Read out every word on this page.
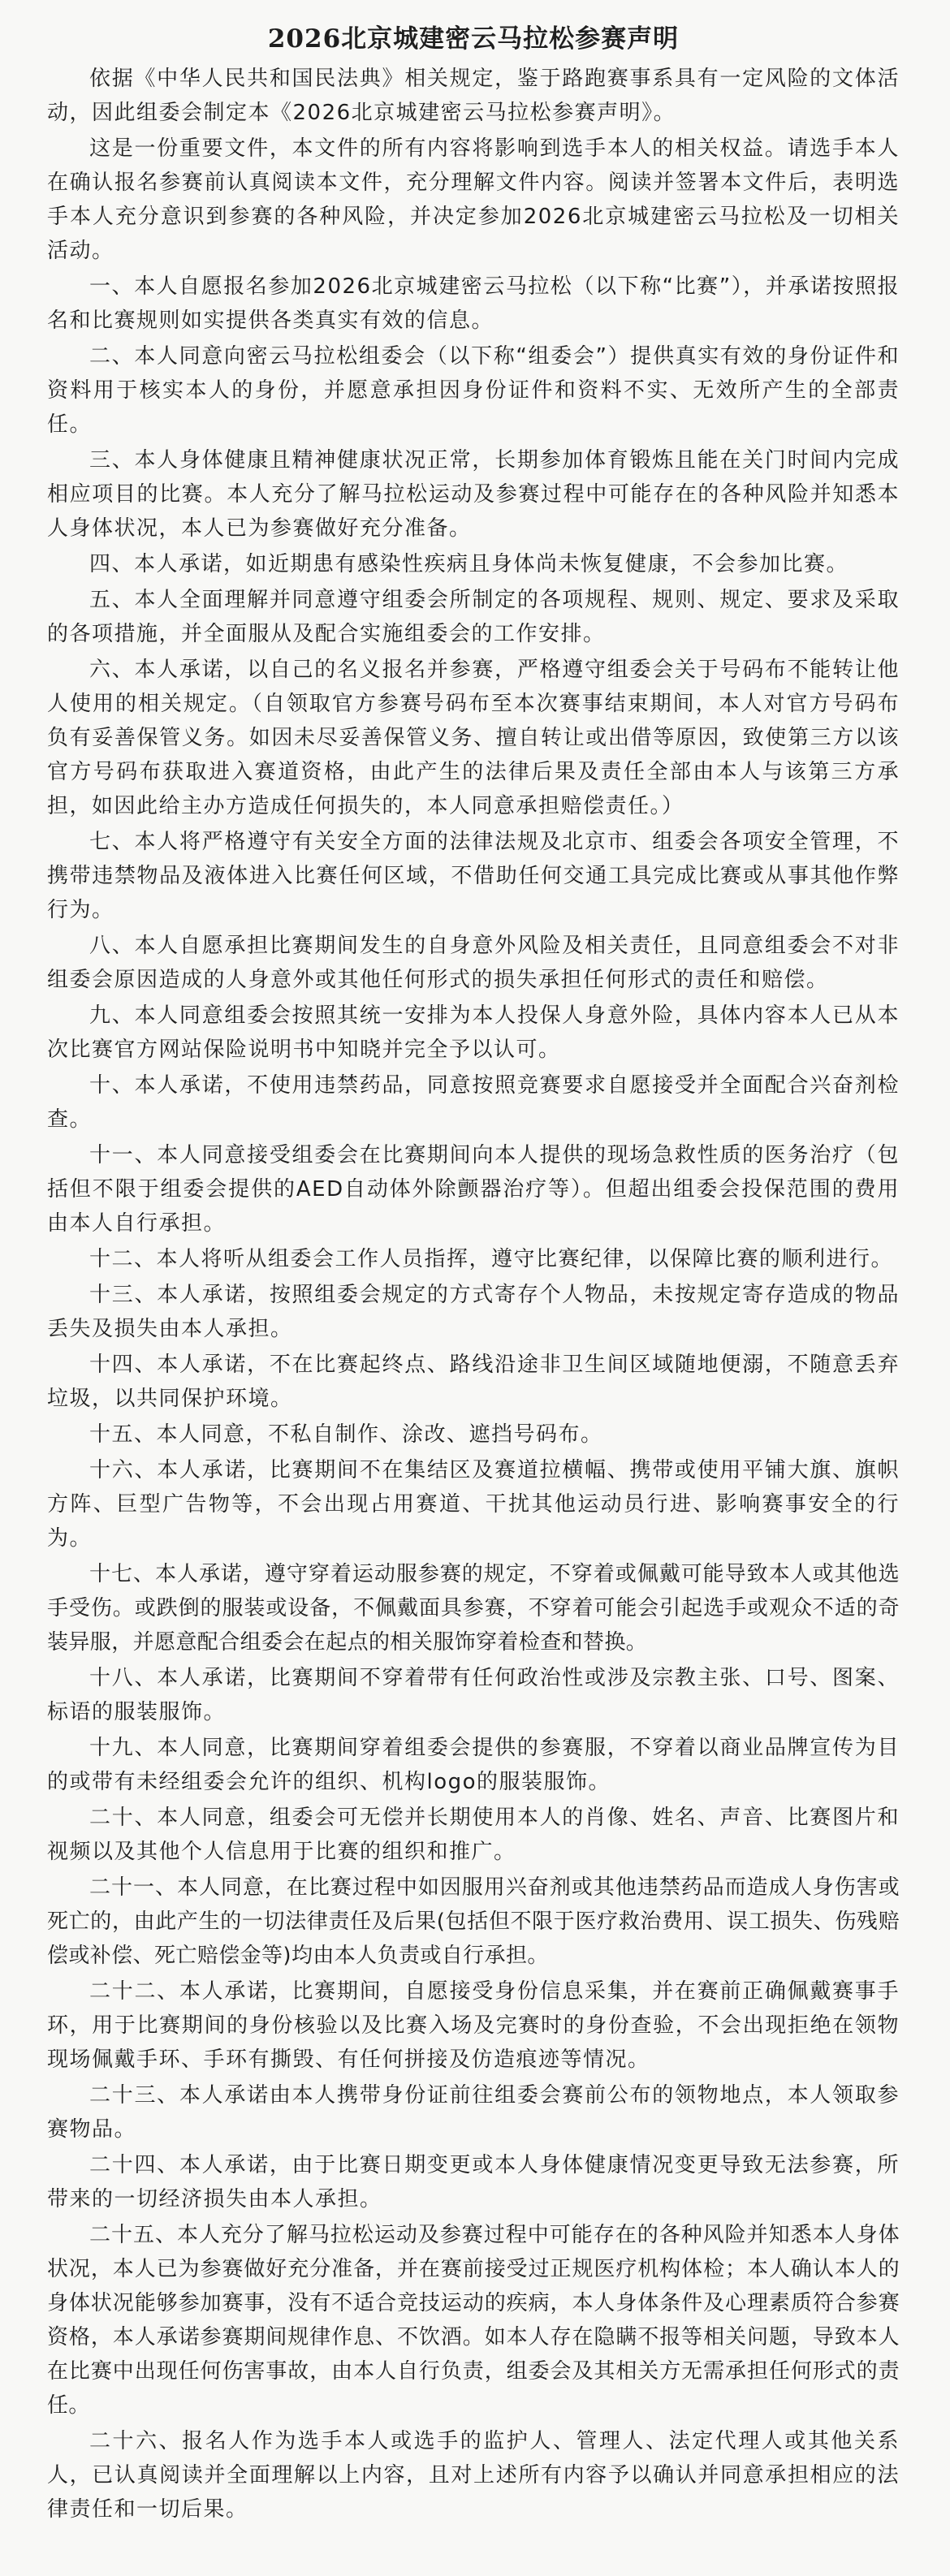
2026北京城建密云马拉松参赛声明

依据《中华人民共和国民法典》相关规定，鉴于路跑赛事系具有一定风险的文体活动，因此组委会制定本《2026北京城建密云马拉松参赛声明》。

这是一份重要文件，本文件的所有内容将影响到选手本人的相关权益。请选手本人在确认报名参赛前认真阅读本文件，充分理解文件内容。阅读并签署本文件后，表明选手本人充分意识到参赛的各种风险，并决定参加2026北京城建密云马拉松及一切相关活动。

一、本人自愿报名参加2026北京城建密云马拉松（以下称“比赛”），并承诺按照报名和比赛规则如实提供各类真实有效的信息。

二、本人同意向密云马拉松组委会（以下称“组委会”）提供真实有效的身份证件和资料用于核实本人的身份，并愿意承担因身份证件和资料不实、无效所产生的全部责任。

三、本人身体健康且精神健康状况正常，长期参加体育锻炼且能在关门时间内完成相应项目的比赛。本人充分了解马拉松运动及参赛过程中可能存在的各种风险并知悉本人身体状况，本人已为参赛做好充分准备。

四、本人承诺，如近期患有感染性疾病且身体尚未恢复健康，不会参加比赛。

五、本人全面理解并同意遵守组委会所制定的各项规程、规则、规定、要求及采取的各项措施，并全面服从及配合实施组委会的工作安排。

六、本人承诺，以自己的名义报名并参赛，严格遵守组委会关于号码布不能转让他人使用的相关规定。（自领取官方参赛号码布至本次赛事结束期间，本人对官方号码布负有妥善保管义务。如因未尽妥善保管义务、擅自转让或出借等原因，致使第三方以该官方号码布获取进入赛道资格，由此产生的法律后果及责任全部由本人与该第三方承担，如因此给主办方造成任何损失的，本人同意承担赔偿责任。）

七、本人将严格遵守有关安全方面的法律法规及北京市、组委会各项安全管理，不携带违禁物品及液体进入比赛任何区域，不借助任何交通工具完成比赛或从事其他作弊行为。

八、本人自愿承担比赛期间发生的自身意外风险及相关责任，且同意组委会不对非组委会原因造成的人身意外或其他任何形式的损失承担任何形式的责任和赔偿。

九、本人同意组委会按照其统一安排为本人投保人身意外险，具体内容本人已从本次比赛官方网站保险说明书中知晓并完全予以认可。

十、本人承诺，不使用违禁药品，同意按照竞赛要求自愿接受并全面配合兴奋剂检查。

十一、本人同意接受组委会在比赛期间向本人提供的现场急救性质的医务治疗（包括但不限于组委会提供的AED自动体外除颤器治疗等）。但超出组委会投保范围的费用由本人自行承担。

十二、本人将听从组委会工作人员指挥，遵守比赛纪律，以保障比赛的顺利进行。

十三、本人承诺，按照组委会规定的方式寄存个人物品，未按规定寄存造成的物品丢失及损失由本人承担。

十四、本人承诺，不在比赛起终点、路线沿途非卫生间区域随地便溺，不随意丢弃垃圾，以共同保护环境。

十五、本人同意，不私自制作、涂改、遮挡号码布。

十六、本人承诺，比赛期间不在集结区及赛道拉横幅、携带或使用平铺大旗、旗帜方阵、巨型广告物等，不会出现占用赛道、干扰其他运动员行进、影响赛事安全的行为。

十七、本人承诺，遵守穿着运动服参赛的规定，不穿着或佩戴可能导致本人或其他选手受伤。或跌倒的服装或设备，不佩戴面具参赛，不穿着可能会引起选手或观众不适的奇装异服，并愿意配合组委会在起点的相关服饰穿着检查和替换。

十八、本人承诺，比赛期间不穿着带有任何政治性或涉及宗教主张、口号、图案、标语的服装服饰。

十九、本人同意，比赛期间穿着组委会提供的参赛服，不穿着以商业品牌宣传为目的或带有未经组委会允许的组织、机构logo的服装服饰。

二十、本人同意，组委会可无偿并长期使用本人的肖像、姓名、声音、比赛图片和视频以及其他个人信息用于比赛的组织和推广。

二十一、本人同意，在比赛过程中如因服用兴奋剂或其他违禁药品而造成人身伤害或死亡的，由此产生的一切法律责任及后果(包括但不限于医疗救治费用、误工损失、伤残赔偿或补偿、死亡赔偿金等)均由本人负责或自行承担。

二十二、本人承诺，比赛期间，自愿接受身份信息采集，并在赛前正确佩戴赛事手环，用于比赛期间的身份核验以及比赛入场及完赛时的身份查验，不会出现拒绝在领物现场佩戴手环、手环有撕毁、有任何拼接及仿造痕迹等情况。

二十三、本人承诺由本人携带身份证前往组委会赛前公布的领物地点，本人领取参赛物品。

二十四、本人承诺，由于比赛日期变更或本人身体健康情况变更导致无法参赛，所带来的一切经济损失由本人承担。

二十五、本人充分了解马拉松运动及参赛过程中可能存在的各种风险并知悉本人身体状况，本人已为参赛做好充分准备，并在赛前接受过正规医疗机构体检；本人确认本人的身体状况能够参加赛事，没有不适合竞技运动的疾病，本人身体条件及心理素质符合参赛资格，本人承诺参赛期间规律作息、不饮酒。如本人存在隐瞒不报等相关问题，导致本人在比赛中出现任何伤害事故，由本人自行负责，组委会及其相关方无需承担任何形式的责任。

二十六、报名人作为选手本人或选手的监护人、管理人、法定代理人或其他关系人，已认真阅读并全面理解以上内容，且对上述所有内容予以确认并同意承担相应的法律责任和一切后果。
